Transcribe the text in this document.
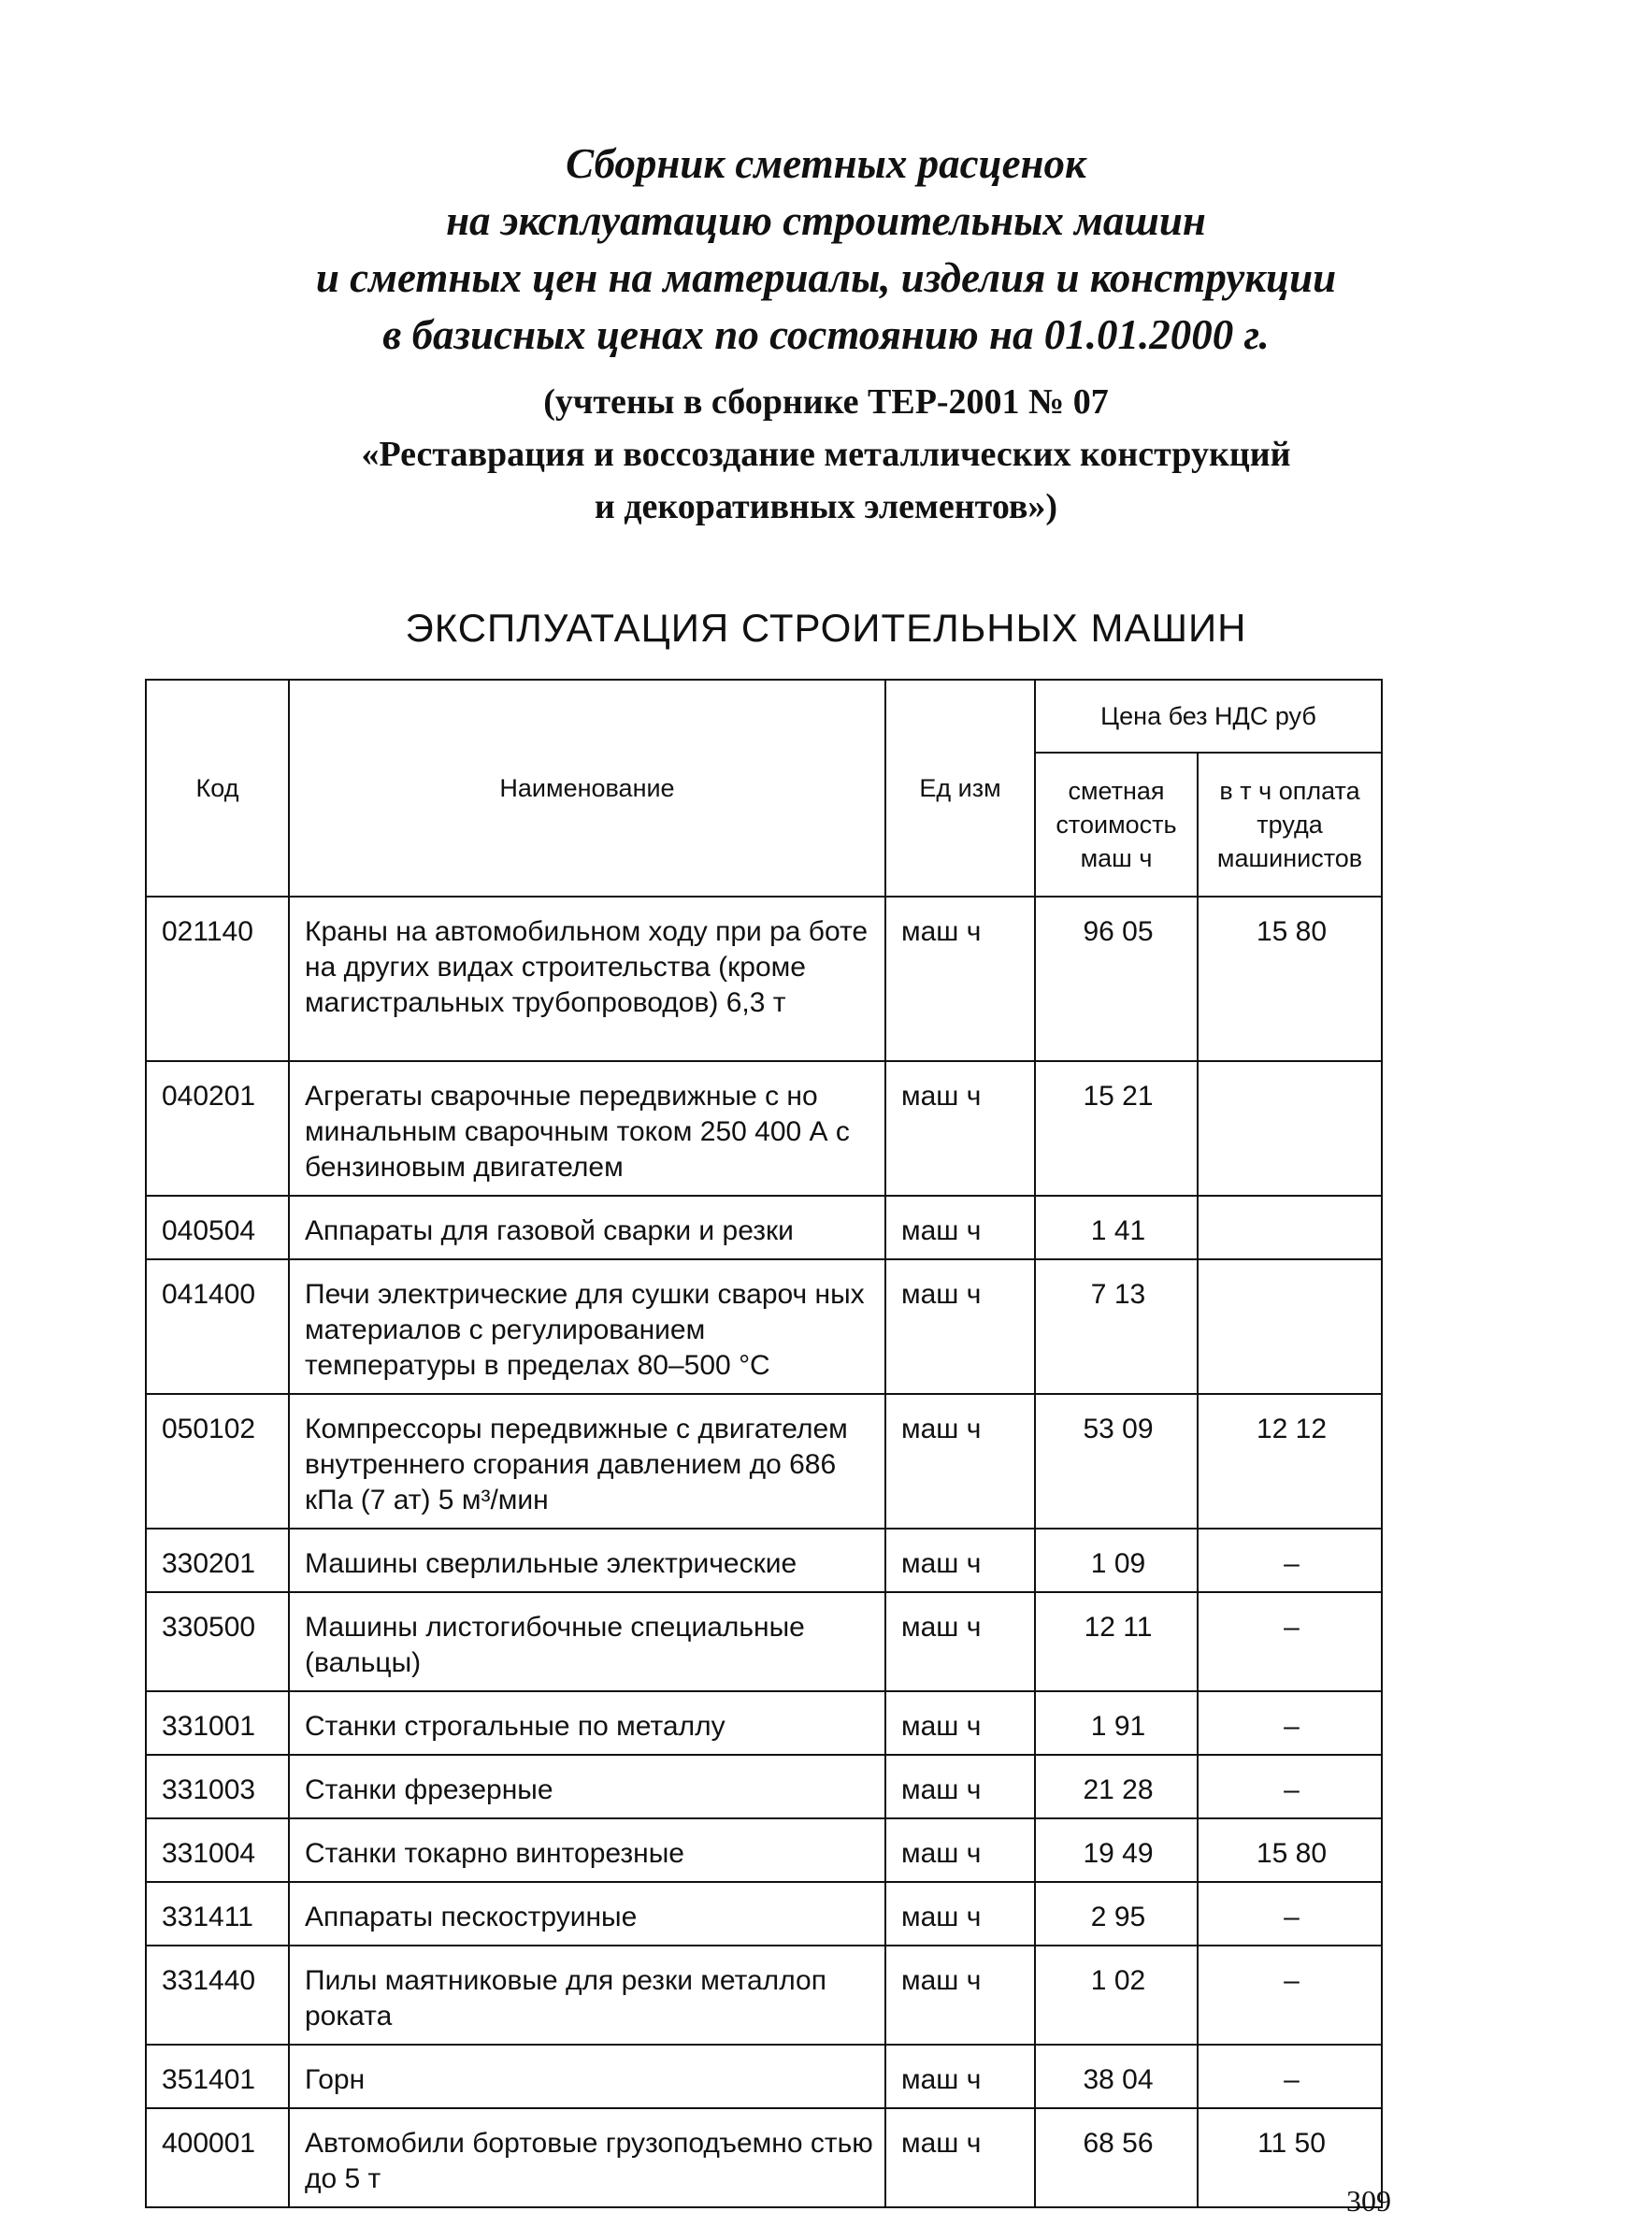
Сборник сметных расценок
на эксплуатацию строительных машин
и сметных цен на материалы, изделия и конструкции
в базисных ценах по состоянию на 01.01.2000 г.
(учтены в сборнике ТЕР-2001 № 07
«Реставрация и воссоздание металлических конструкций
и декоративных элементов»)
ЭКСПЛУАТАЦИЯ СТРОИТЕЛЬНЫХ МАШИН
Код	Наименование	Ед изм	Цена без НДС руб	
			сметная стоимость маш ч	в т ч оплата труда машинистов
021140	Краны на автомобильном ходу при ра боте на других видах строительства (кроме магистральных трубопроводов) 6,3 т	маш ч	96 05	15 80
040201	Агрегаты сварочные передвижные с но минальным сварочным током 250 400 А с бензиновым двигателем	маш ч	15 21	
040504	Аппараты для газовой сварки и резки	маш ч	1 41	
041400	Печи электрические для сушки свароч ных материалов с регулированием температуры в пределах 80–500 °С	маш ч	7 13	
050102	Компрессоры передвижные с двигателем внутреннего сгорания давлением до 686 кПа (7 ат) 5 м³/мин	маш ч	53 09	12 12
330201	Машины сверлильные электрические	маш ч	1 09	–
330500	Машины листогибочные специальные (вальцы)	маш ч	12 11	–
331001	Станки строгальные по металлу	маш ч	1 91	–
331003	Станки фрезерные	маш ч	21 28	–
331004	Станки токарно винторезные	маш ч	19 49	15 80
331411	Аппараты пескоструиные	маш ч	2 95	–
331440	Пилы маятниковые для резки металлоп роката	маш ч	1 02	–
351401	Горн	маш ч	38 04	–
400001	Автомобили бортовые грузоподъемно стью до 5 т	маш ч	68 56	11 50
309
